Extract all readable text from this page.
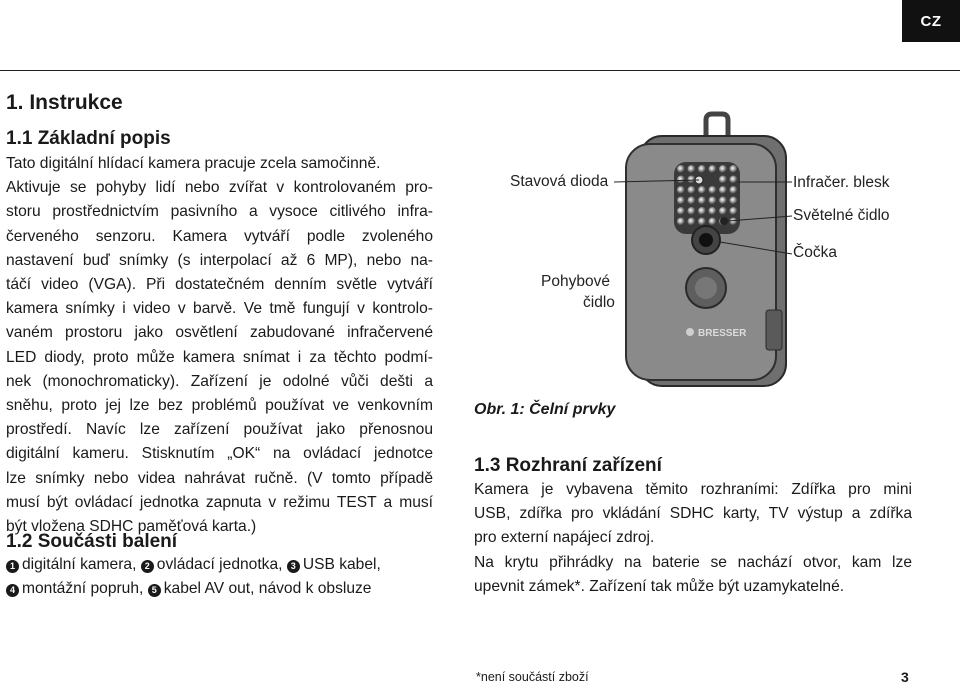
CZ
1. Instrukce
1.1 Základní popis

Tato digitální hlídací kamera pracuje zcela samočinně.

Aktivuje se pohyby lidí nebo zvířat v kontrolovaném pro-

storu prostřednictvím pasivního a vysoce citlivého infra-

červeného senzoru. Kamera vytváří podle zvoleného

nastavení buď snímky (s interpolací až 6 MP), nebo na-

táčí video (VGA). Při dostatečném denním světle vytváří

kamera snímky i video v barvě. Ve tmě fungují v kontrolo-

vaném prostoru jako osvětlení zabudované infračervené

LED diody, proto může kamera snímat i za těchto podmí-

nek (monochromaticky). Zařízení je odolné vůči dešti a

sněhu, proto jej lze bez problémů používat ve venkovním

prostředí. Navíc lze zařízení používat jako přenosnou

digitální kameru. Stisknutím „OK“ na ovládací jednotce

lze snímky nebo videa nahrávat ručně. (V tomto případě

musí být ovládací jednotka zapnuta v režimu TEST a musí

být vložena SDHC paměťová karta.)

1.2 Součásti balení

1 digitální kamera, 2 ovládací jednotka, 3 USB kabel,

4 montážní popruh, 5 kabel AV out, návod k obsluze

BRESSER
Stavová dioda
Pohybové
čidlo
Infračer. blesk
Světelné čidlo
Čočka
Obr. 1: Čelní prvky
1.3 Rozhraní zařízení

Kamera je vybavena těmito rozhraními: Zdířka pro mini

USB, zdířka pro vkládání SDHC karty, TV výstup a zdířka

pro externí napájecí zdroj.

Na krytu přihrádky na baterie se nachází otvor, kam lze

upevnit zámek*. Zařízení tak může být uzamykatelné.

*není součástí zboží	3
